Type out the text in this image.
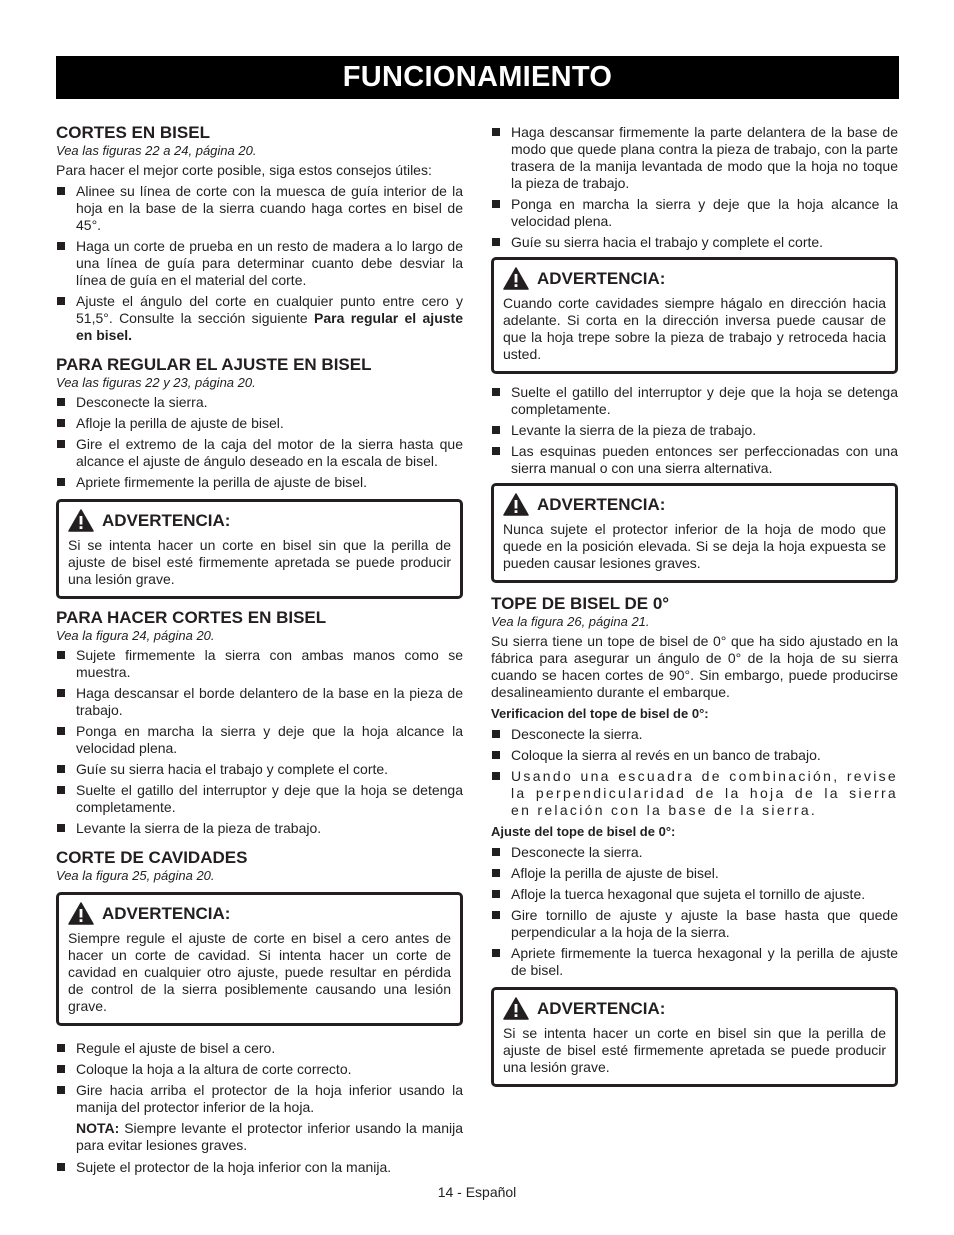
FUNCIONAMIENTO
CORTES EN BISEL
Vea las figuras 22 a 24, página 20.

Para hacer el mejor corte posible, siga estos consejos útiles:

Alinee su línea de corte con la muesca de guía interior de la hoja en la base de la sierra cuando haga cortes en bisel de 45°.
Haga un corte de prueba en un resto de madera a lo largo de una línea de guía para determinar cuanto debe desviar la línea de guía en el material del corte.
Ajuste el ángulo del corte en cualquier punto entre cero y 51,5°. Consulte la sección siguiente Para regular el ajuste en bisel.
PARA REGULAR EL AJUSTE EN BISEL
Vea las figuras 22 y 23, página 20.
Desconecte la sierra.
Afloje la perilla de ajuste de bisel.
Gire el extremo de la caja del motor de la sierra hasta que alcance el ajuste de ángulo deseado en la escala de bisel.
Apriete firmemente la perilla de ajuste de bisel.
ADVERTENCIA:
Si se intenta hacer un corte en bisel sin que la perilla de ajuste de bisel esté firmemente apretada se puede producir una lesión grave.
PARA HACER CORTES EN BISEL
Vea la figura 24, página 20.
Sujete firmemente la sierra con ambas manos como se muestra.
Haga descansar el borde delantero de la base en la pieza de trabajo.
Ponga en marcha la sierra y deje que la hoja alcance la velocidad plena.
Guíe su sierra hacia el trabajo y complete el corte.
Suelte el gatillo del interruptor y deje que la hoja se detenga completamente.
Levante la sierra de la pieza de trabajo.
CORTE DE CAVIDADES
Vea la figura 25, página 20.
ADVERTENCIA:
Siempre regule el ajuste de corte en bisel a cero antes de hacer un corte de cavidad. Si intenta hacer un corte de cavidad en cualquier otro ajuste, puede resultar en pérdida de control de la sierra posiblemente causando una lesión grave.
Regule el ajuste de bisel a cero.
Coloque la hoja a la altura de corte correcto.
Gire hacia arriba el protector de la hoja inferior usando la manija del protector inferior de la hoja.
NOTA: Siempre levante el protector inferior usando la manija para evitar lesiones graves.
Sujete el protector de la hoja inferior con la manija.
Haga descansar firmemente la parte delantera de la base de modo que quede plana contra la pieza de trabajo, con la parte trasera de la manija levantada de modo que la hoja no toque la pieza de trabajo.
Ponga en marcha la sierra y deje que la hoja alcance la velocidad plena.
Guíe su sierra hacia el trabajo y complete el corte.
ADVERTENCIA:
Cuando corte cavidades siempre hágalo en dirección hacia adelante. Si corta en la dirección inversa puede causar de que la hoja trepe sobre la pieza de trabajo y retroceda hacia usted.
Suelte el gatillo del interruptor y deje que la hoja se detenga completamente.
Levante la sierra de la pieza de trabajo.
Las esquinas pueden entonces ser perfeccionadas con una sierra manual o con una sierra alternativa.
ADVERTENCIA:
Nunca sujete el protector inferior de la hoja de modo que quede en la posición elevada. Si se deja la hoja expuesta se pueden causar lesiones graves.
TOPE DE BISEL DE 0°
Vea la figura 26, página 21.

Su sierra tiene un tope de bisel de 0° que ha sido ajustado en la fábrica para asegurar un ángulo de 0° de la hoja de su sierra cuando se hacen cortes de 90°. Sin embargo, puede producirse desalineamiento durante el embarque.

Verificacion del tope de bisel de 0°:

Desconecte la sierra.
Coloque la sierra al revés en un banco de trabajo.
Usando una escuadra de combinación, revise la perpendicularidad de la hoja de la sierra en relación con la base de la sierra.

Ajuste del tope de bisel de 0°:

Desconecte la sierra.
Afloje la perilla de ajuste de bisel.
Afloje la tuerca hexagonal que sujeta el tornillo de ajuste.
Gire tornillo de ajuste y ajuste la base hasta que quede perpendicular a la hoja de la sierra.
Apriete firmemente la tuerca hexagonal y la perilla de ajuste de bisel.
ADVERTENCIA:
Si se intenta hacer un corte en bisel sin que la perilla de ajuste de bisel esté firmemente apretada se puede producir una lesión grave.
14 - Español
